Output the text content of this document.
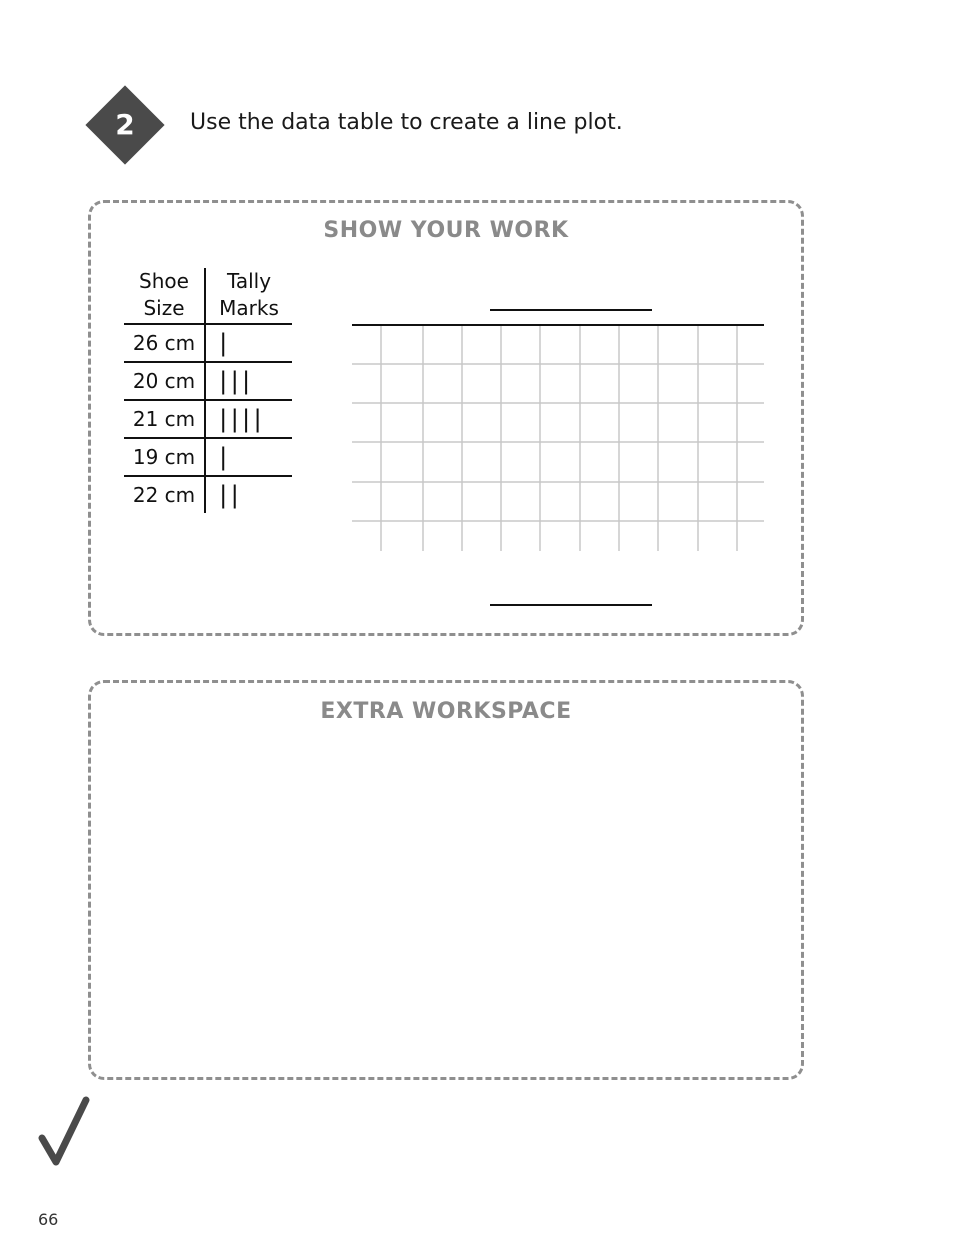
2	Use the data table to create a line plot.
SHOW YOUR WORK
Shoe Size	Tally Marks
26 cm	|
20 cm	|||
21 cm	||||
19 cm	|
22 cm	||
EXTRA WORKSPACE
66
